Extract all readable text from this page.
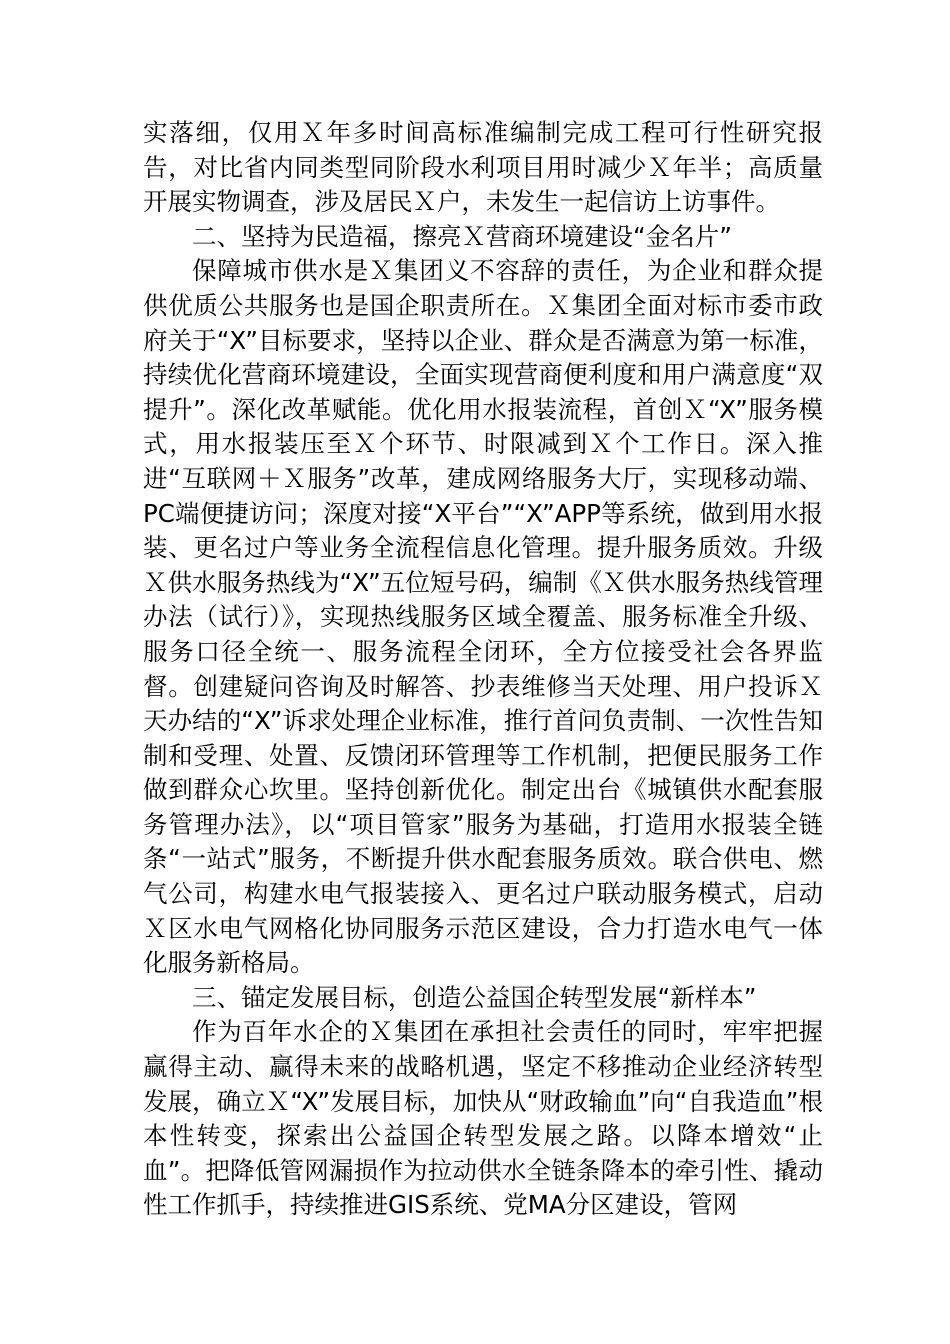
实落细，仅用Ｘ年多时间高标准编制完成工程可行性研究报告，对比省内同类型同阶段水利项目用时减少Ｘ年半；高质量开展实物调查，涉及居民Ｘ户，未发生一起信访上访事件。

二、坚持为民造福，擦亮Ｘ营商环境建设“金名片”

保障城市供水是Ｘ集团义不容辞的责任，为企业和群众提供优质公共服务也是国企职责所在。Ｘ集团全面对标市委市政府关于“X”目标要求，坚持以企业、群众是否满意为第一标准，持续优化营商环境建设，全面实现营商便利度和用户满意度“双提升”。深化改革赋能。优化用水报装流程，首创Ｘ“X”服务模式，用水报装压至Ｘ个环节、时限减到Ｘ个工作日。深入推进“互联网＋Ｘ服务”改革，建成网络服务大厅，实现移动端、PC端便捷访问；深度对接“X平台”“X”APP等系统，做到用水报装、更名过户等业务全流程信息化管理。提升服务质效。升级Ｘ供水服务热线为“X”五位短号码，编制《Ｘ供水服务热线管理办法（试行）》，实现热线服务区域全覆盖、服务标准全升级、服务口径全统一、服务流程全闭环，全方位接受社会各界监督。创建疑问咨询及时解答、抄表维修当天处理、用户投诉Ｘ天办结的“X”诉求处理企业标准，推行首问负责制、一次性告知制和受理、处置、反馈闭环管理等工作机制，把便民服务工作做到群众心坎里。坚持创新优化。制定出台《城镇供水配套服务管理办法》，以“项目管家”服务为基础，打造用水报装全链条“一站式”服务，不断提升供水配套服务质效。联合供电、燃气公司，构建水电气报装接入、更名过户联动服务模式，启动Ｘ区水电气网格化协同服务示范区建设，合力打造水电气一体化服务新格局。

三、锚定发展目标，创造公益国企转型发展“新样本”

作为百年水企的Ｘ集团在承担社会责任的同时，牢牢把握赢得主动、赢得未来的战略机遇，坚定不移推动企业经济转型发展，确立Ｘ“X”发展目标，加快从“财政输血”向“自我造血”根本性转变，探索出公益国企转型发展之路。以降本增效“止血”。把降低管网漏损作为拉动供水全链条降本的牵引性、撬动性工作抓手，持续推进GIS系统、党MA分区建设，管网
